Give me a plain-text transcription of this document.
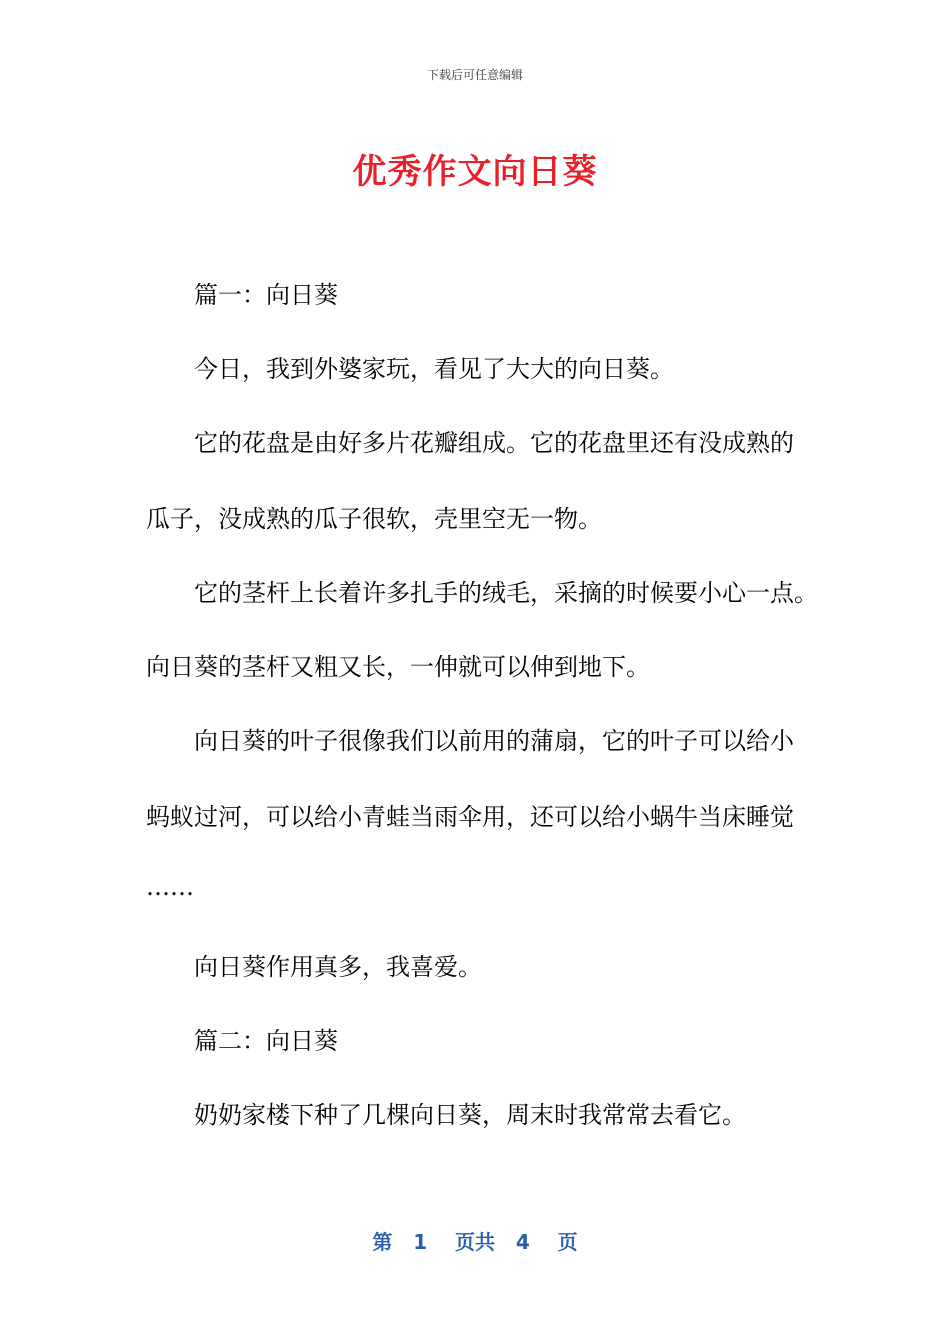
下载后可任意编辑
优秀作文向日葵
篇一：向日葵
今日，我到外婆家玩，看见了大大的向日葵。
它的花盘是由好多片花瓣组成。它的花盘里还有没成熟的
瓜子，没成熟的瓜子很软，壳里空无一物。
它的茎杆上长着许多扎手的绒毛，采摘的时候要小心一点。
向日葵的茎杆又粗又长，一伸就可以伸到地下。
向日葵的叶子很像我们以前用的蒲扇，它的叶子可以给小
蚂蚁过河，可以给小青蛙当雨伞用，还可以给小蜗牛当床睡觉
……
向日葵作用真多，我喜爱。
篇二：向日葵
奶奶家楼下种了几棵向日葵，周末时我常常去看它。
第 1 页共 4 页
